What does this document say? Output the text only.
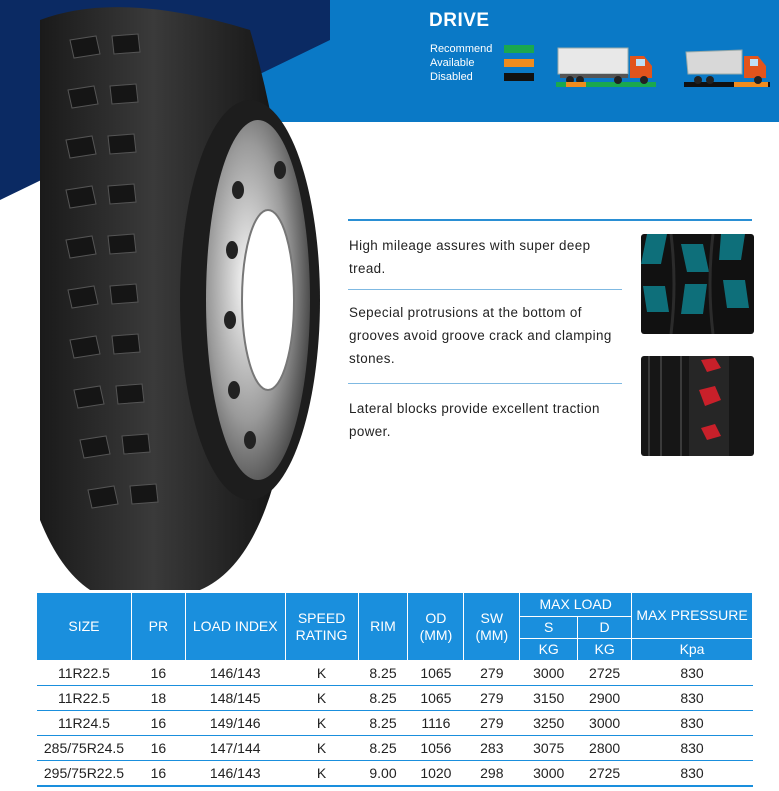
DRIVE
Recommend
Available
Disabled
High mileage assures with super deep tread.
Sepecial protrusions at the bottom of grooves avoid groove crack and clamping stones.
Lateral blocks provide excellent traction power.
SIZE	PR	LOAD INDEX	SPEED RATING	RIM	OD (MM)	SW (MM)	MAX LOAD		MAX PRESSURE
							S	D	
							KG	KG	Kpa
11R22.5	16	146/143	K	8.25	1065	279	3000	2725	830
11R22.5	18	148/145	K	8.25	1065	279	3150	2900	830
11R24.5	16	149/146	K	8.25	1116	279	3250	3000	830
285/75R24.5	16	147/144	K	8.25	1056	283	3075	2800	830
295/75R22.5	16	146/143	K	9.00	1020	298	3000	2725	830
